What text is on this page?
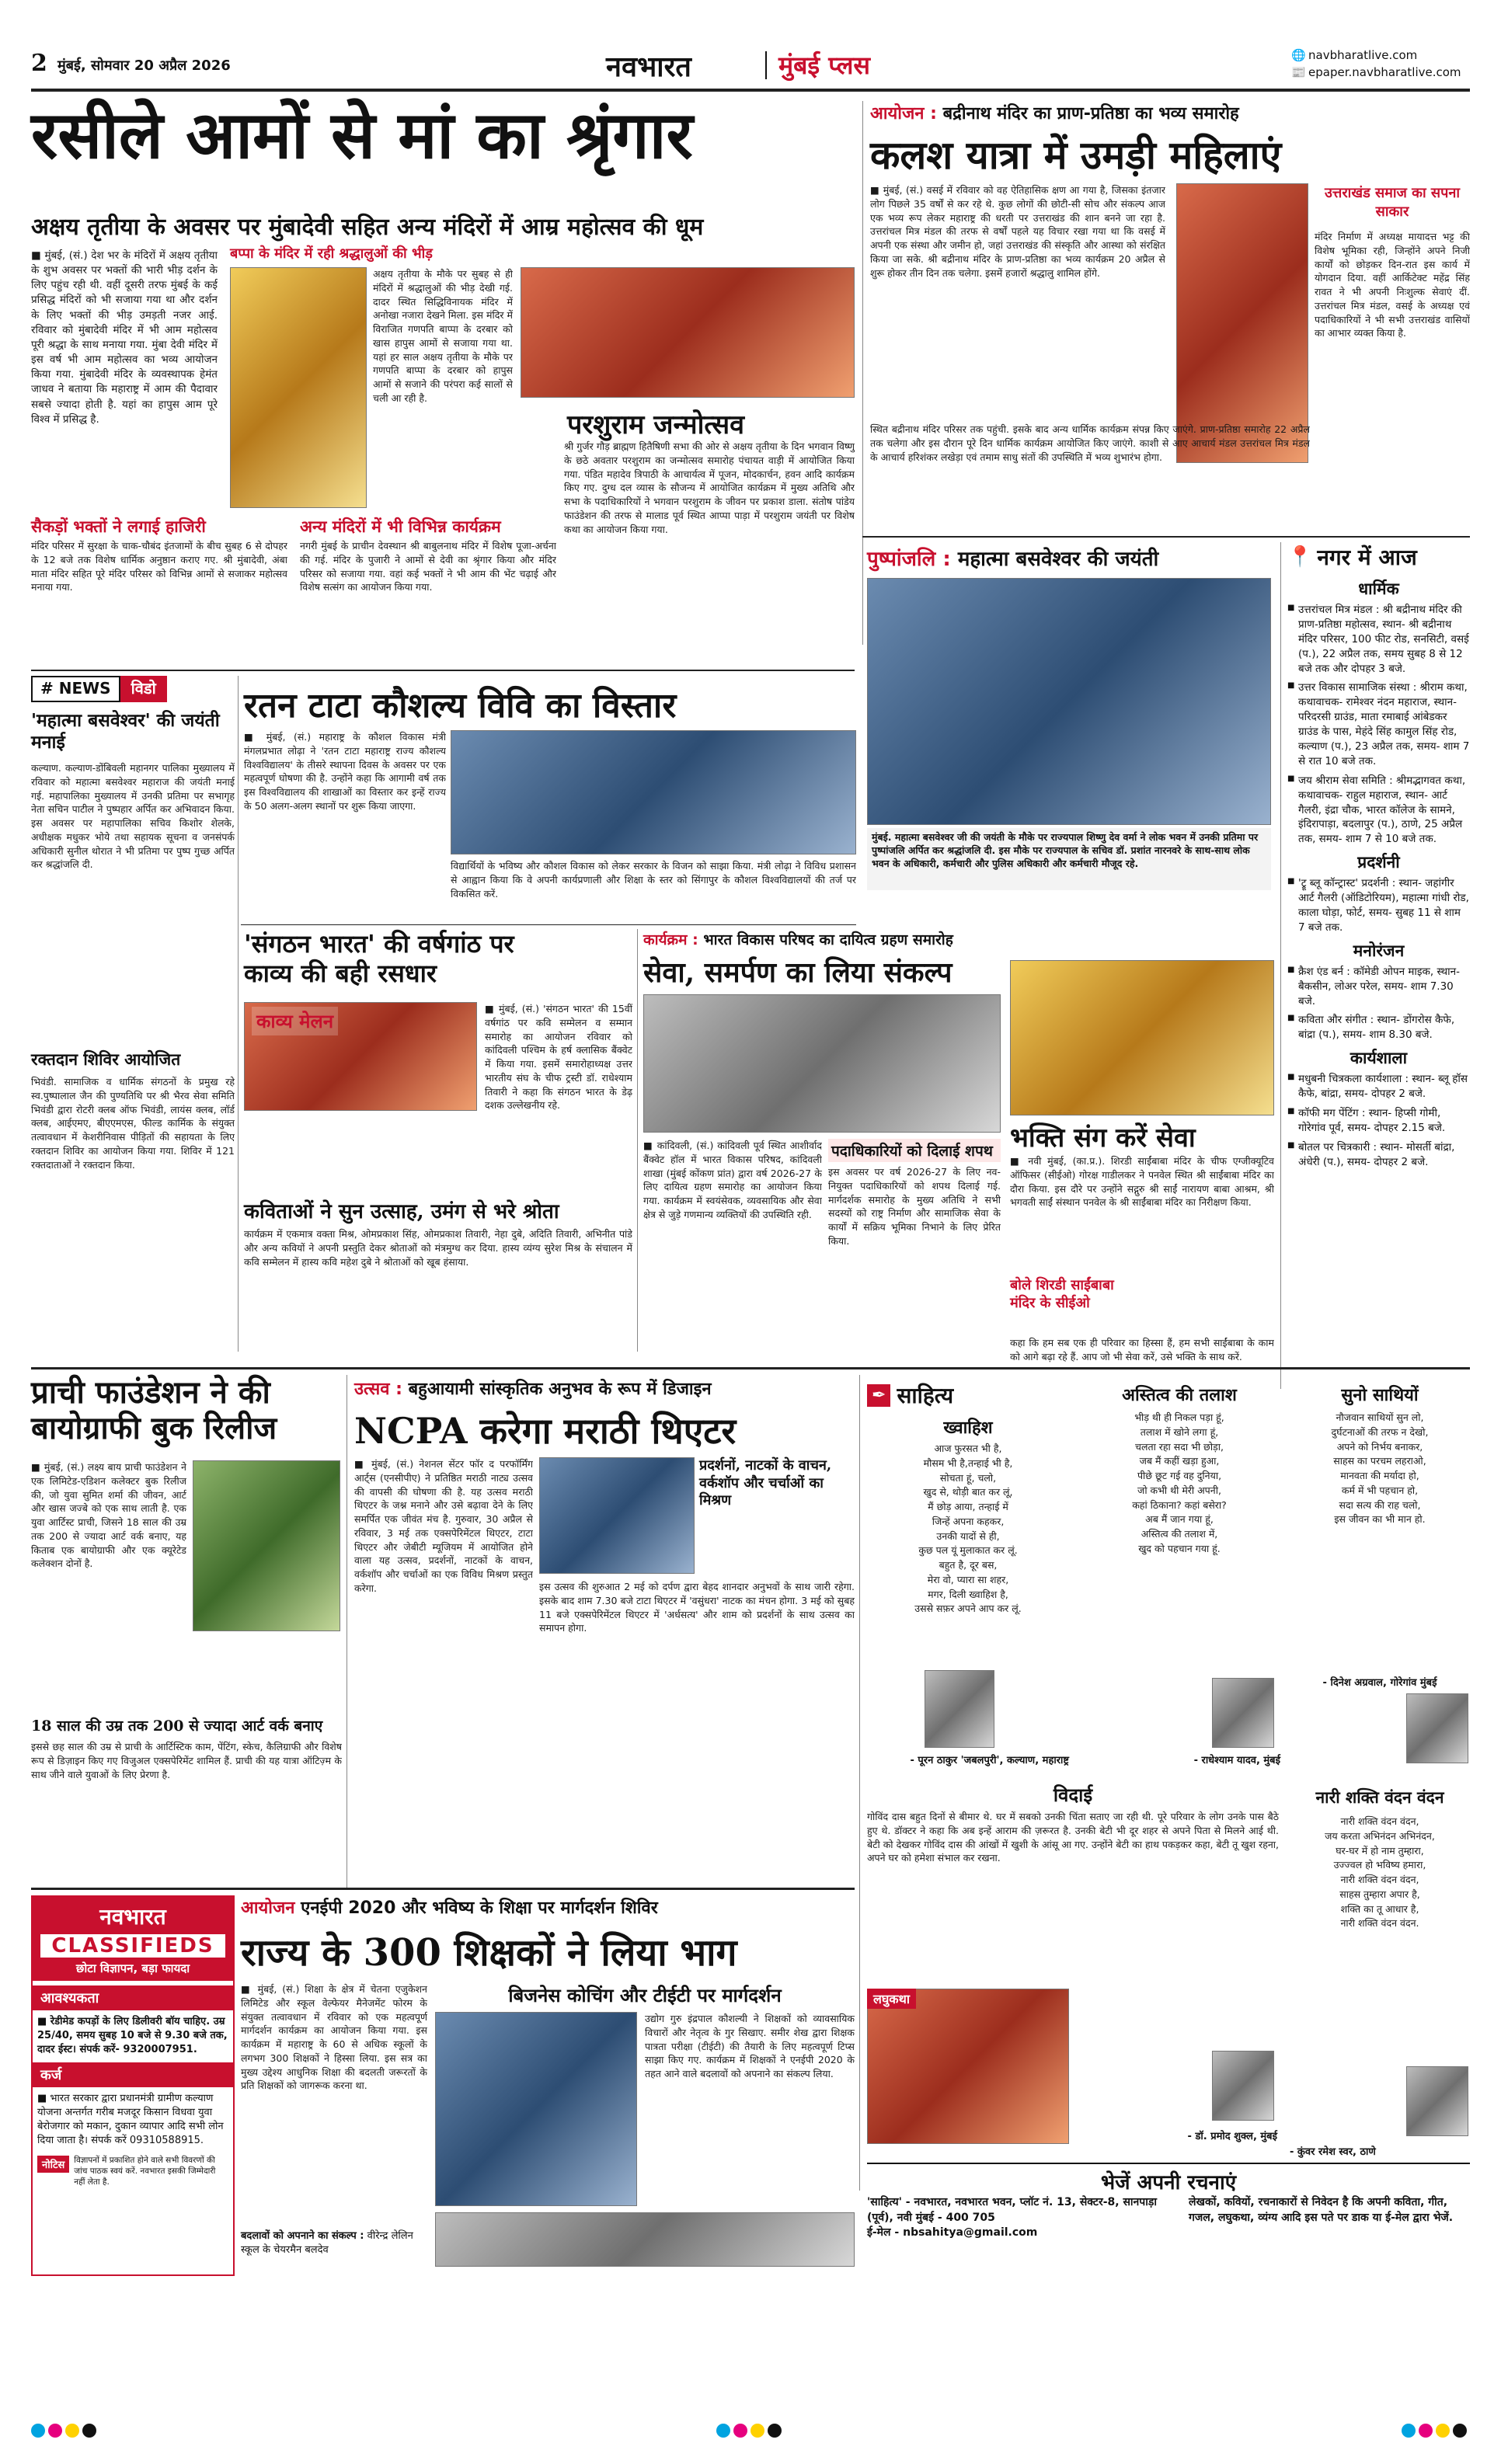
2 मुंबई, सोमवार 20 अप्रैल 2026	नवभारत	मुंबई प्लस	🌐 navbharatlive.com
📰 epaper.navbharatlive.com
रसीले आमों से मां का श्रृंगार
अक्षय तृतीया के अवसर पर मुंबादेवी सहित अन्य मंदिरों में आम्र महोत्सव की धूम
■ मुंबई, (सं.) देश भर के मंदिरों में अक्षय तृतीया के शुभ अवसर पर भक्तों की भारी भीड़ दर्शन के लिए पहुंच रही थी. वहीं दूसरी तरफ मुंबई के कई प्रसिद्ध मंदिरों को भी सजाया गया था और दर्शन के लिए भक्तों की भीड़ उमड़ती नजर आई. रविवार को मुंबादेवी मंदिर में भी आम महोत्सव पूरी श्रद्धा के साथ मनाया गया. मुंबा देवी मंदिर में इस वर्ष भी आम महोत्सव का भव्य आयोजन किया गया. मुंबादेवी मंदिर के व्यवस्थापक हेमंत जाधव ने बताया कि महाराष्ट्र में आम की पैदावार सबसे ज्यादा होती है. यहां का हापुस आम पूरे विश्व में प्रसिद्ध है.
बप्पा के मंदिर में रही श्रद्धालुओं की भीड़
अक्षय तृतीया के मौके पर सुबह से ही मंदिरों में श्रद्धालुओं की भीड़ देखी गई. दादर स्थित सिद्धिविनायक मंदिर में अनोखा नजारा देखने मिला. इस मंदिर में विराजित गणपति बाप्पा के दरबार को खास हापुस आमों से सजाया गया था. यहां हर साल अक्षय तृतीया के मौके पर गणपति बाप्पा के दरबार को हापुस आमों से सजाने की परंपरा कई सालों से चली आ रही है.
सैकड़ों भक्तों ने लगाई हाजिरी
मंदिर परिसर में सुरक्षा के चाक-चौबंद इंतजामों के बीच सुबह 6 से दोपहर के 12 बजे तक विशेष धार्मिक अनुष्ठान कराए गए. श्री मुंबादेवी, अंबा माता मंदिर सहित पूरे मंदिर परिसर को विभिन्न आमों से सजाकर महोत्सव मनाया गया.
अन्य मंदिरों में भी विभिन्न कार्यक्रम
नगरी मुंबई के प्राचीन देवस्थान श्री बाबुलनाथ मंदिर में विशेष पूजा-अर्चना की गई. मंदिर के पुजारी ने आमों से देवी का श्रृंगार किया और मंदिर परिसर को सजाया गया. वहां कई भक्तों ने भी आम की भेंट चढ़ाई और विशेष सत्संग का आयोजन किया गया.
परशुराम जन्मोत्सव
श्री गुर्जर गौड़ ब्राह्मण हितैषिणी सभा की ओर से अक्षय तृतीया के दिन भगवान विष्णु के छठे अवतार परशुराम का जन्मोत्सव समारोह पंचायत वाड़ी में आयोजित किया गया. पंडित महादेव त्रिपाठी के आचार्यत्व में पूजन, मोदकार्चन, हवन आदि कार्यक्रम किए गए. दुग्ध दल व्यास के सौजन्य में आयोजित कार्यक्रम में मुख्य अतिथि और सभा के पदाधिकारियों ने भगवान परशुराम के जीवन पर प्रकाश डाला. संतोष पांडेय फाउंडेशन की तरफ से मालाड पूर्व स्थित आप्पा पाड़ा में परशुराम जयंती पर विशेष कथा का आयोजन किया गया.
आयोजन : बद्रीनाथ मंदिर का प्राण-प्रतिष्ठा का भव्य समारोह
कलश यात्रा में उमड़ी महिलाएं
■ मुंबई, (सं.) वसई में रविवार को वह ऐतिहासिक क्षण आ गया है, जिसका इंतजार लोग पिछले 35 वर्षों से कर रहे थे. कुछ लोगों की छोटी-सी सोच और संकल्प आज एक भव्य रूप लेकर महाराष्ट्र की धरती पर उत्तराखंड की शान बनने जा रहा है. उत्तरांचल मित्र मंडल की तरफ से वर्षों पहले यह विचार रखा गया था कि वसई में अपनी एक संस्था और जमीन हो, जहां उत्तराखंड की संस्कृति और आस्था को संरक्षित किया जा सके. श्री बद्रीनाथ मंदिर के प्राण-प्रतिष्ठा का भव्य कार्यक्रम 20 अप्रैल से शुरू होकर तीन दिन तक चलेगा. इसमें हजारों श्रद्धालु शामिल होंगे.
उत्तराखंड समाज का सपना साकार
मंदिर निर्माण में अध्यक्ष मायादत्त भट्ट की विशेष भूमिका रही, जिन्होंने अपने निजी कार्यों को छोड़कर दिन-रात इस कार्य में योगदान दिया. वहीं आर्किटेक्ट महेंद्र सिंह रावत ने भी अपनी निःशुल्क सेवाएं दीं. उत्तरांचल मित्र मंडल, वसई के अध्यक्ष एवं पदाधिकारियों ने भी सभी उत्तराखंड वासियों का आभार व्यक्त किया है.
स्थित बद्रीनाथ मंदिर परिसर तक पहुंची. इसके बाद अन्य धार्मिक कार्यक्रम संपन्न किए जाएंगे. प्राण-प्रतिष्ठा समारोह 22 अप्रैल तक चलेगा और इस दौरान पूरे दिन धार्मिक कार्यक्रम आयोजित किए जाएंगे. काशी से आए आचार्य मंडल उत्तरांचल मित्र मंडल के आचार्य हरिशंकर लखेड़ा एवं तमाम साधु संतों की उपस्थिति में भव्य शुभारंभ होगा.
पुष्पांजलि : महात्मा बसवेश्वर की जयंती
मुंबई. महात्मा बसवेश्वर जी की जयंती के मौके पर राज्यपाल शिष्णु देव वर्मा ने लोक भवन में उनकी प्रतिमा पर पुष्पांजलि अर्पित कर श्रद्धांजलि दी. इस मौके पर राज्यपाल के सचिव डॉ. प्रशांत नारनवरे के साथ-साथ लोक भवन के अधिकारी, कर्मचारी और पुलिस अधिकारी और कर्मचारी मौजूद रहे.
📍 नगर में आज
धार्मिक
■ उत्तरांचल मित्र मंडल : श्री बद्रीनाथ मंदिर की प्राण-प्रतिष्ठा महोत्सव, स्थान- श्री बद्रीनाथ मंदिर परिसर, 100 फीट रोड, सनसिटी, वसई (प.), 22 अप्रैल तक, समय सुबह 8 से 12 बजे तक और दोपहर 3 बजे.
■ उत्तर विकास सामाजिक संस्था : श्रीराम कथा, कथावाचक- रामेश्वर नंदन महाराज, स्थान- परिदरसी ग्राउंड, माता रमाबाई आंबेडकर ग्राउंड के पास, मेहंदे सिंह कामुल सिंह रोड, कल्याण (प.), 23 अप्रैल तक, समय- शाम 7 से रात 10 बजे तक.
■ जय श्रीराम सेवा समिति : श्रीमद्भागवत कथा, कथावाचक- राहुल महाराज, स्थान- आर्ट गैलरी, इंद्रा चौक, भारत कॉलेज के सामने, इंदिरापाड़ा, बदलापुर (प.), ठाणे, 25 अप्रैल तक, समय- शाम 7 से 10 बजे तक.
प्रदर्शनी
■ 'ट्रू ब्लू कॉन्ट्रास्ट' प्रदर्शनी : स्थान- जहांगीर आर्ट गैलरी (ऑडिटोरियम), महात्मा गांधी रोड, काला घोड़ा, फोर्ट, समय- सुबह 11 से शाम 7 बजे तक.
मनोरंजन
■ क्रैश एंड बर्न : कॉमेडी ओपन माइक, स्थान- बैकसीन, लोअर परेल, समय- शाम 7.30 बजे.
■ कविता और संगीत : स्थान- डोंगरोस कैफे, बांद्रा (प.), समय- शाम 8.30 बजे.
कार्यशाला
■ मधुबनी चित्रकला कार्यशाला : स्थान- ब्लू हॉस कैफे, बांद्रा, समय- दोपहर 2 बजे.
■ कॉफी मग पेंटिंग : स्थान- हिप्सी गोमी, गोरेगांव पूर्व, समय- दोपहर 2.15 बजे.
■ बोतल पर चित्रकारी : स्थान- मोसर्ती बांद्रा, अंधेरी (प.), समय- दोपहर 2 बजे.
# NEWS	विडो
'महात्मा बसवेश्वर' की जयंती मनाई
कल्याण. कल्याण-डोंबिवली महानगर पालिका मुख्यालय में रविवार को महात्मा बसवेश्वर महाराज की जयंती मनाई गई. महापालिका मुख्यालय में उनकी प्रतिमा पर सभागृह नेता सचिन पाटील ने पुष्पहार अर्पित कर अभिवादन किया. इस अवसर पर महापालिका सचिव किशोर शेलके, अधीक्षक मधुकर भोये तथा सहायक सूचना व जनसंपर्क अधिकारी सुनील थोरात ने भी प्रतिमा पर पुष्प गुच्छ अर्पित कर श्रद्धांजलि दी.
रक्तदान शिविर आयोजित
भिवंडी. सामाजिक व धार्मिक संगठनों के प्रमुख रहे स्व.पुष्पालाल जैन की पुण्यतिथि पर श्री भैरव सेवा समिति भिवंडी द्वारा रोटरी क्लब ऑफ भिवंडी, लायंस क्लब, लॉर्ड क्लब, आईएमए, बीएएमएस, फील्ड कार्मिक के संयुक्त तत्वावधान में केशरीनिवास पीड़ितों की सहायता के लिए रक्तदान शिविर का आयोजन किया गया. शिविर में 121 रक्तदाताओं ने रक्तदान किया.
रतन टाटा कौशल्य विवि का विस्तार
■ मुंबई, (सं.) महाराष्ट्र के कौशल विकास मंत्री मंगलप्रभात लोढ़ा ने 'रतन टाटा महाराष्ट्र राज्य कौशल्य विश्वविद्यालय' के तीसरे स्थापना दिवस के अवसर पर एक महत्वपूर्ण घोषणा की है. उन्होंने कहा कि आगामी वर्ष तक इस विश्वविद्यालय की शाखाओं का विस्तार कर इन्हें राज्य के 50 अलग-अलग स्थानों पर शुरू किया जाएगा.
विद्यार्थियों के भविष्य और कौशल विकास को लेकर सरकार के विजन को साझा किया. मंत्री लोढ़ा ने विविध प्रशासन से आह्वान किया कि वे अपनी कार्यप्रणाली और शिक्षा के स्तर को सिंगापुर के कौशल विश्वविद्यालयों की तर्ज पर विकसित करें.
'संगठन भारत' की वर्षगांठ पर काव्य की बही रसधार
काव्य मेलन
■ मुंबई, (सं.) 'संगठन भारत' की 15वीं वर्षगांठ पर कवि सम्मेलन व सम्मान समारोह का आयोजन रविवार को कांदिवली पश्चिम के हर्ष क्लासिक बैंक्वेट में किया गया. इसमें समारोहाध्यक्ष उत्तर भारतीय संघ के चीफ ट्रस्टी डॉ. राधेश्याम तिवारी ने कहा कि संगठन भारत के डेढ़ दशक उल्लेखनीय रहे.
कविताओं ने सुन उत्साह, उमंग से भरे श्रोता
कार्यक्रम में एकमात्र वक्ता मिश्र, ओमप्रकाश सिंह, ओमप्रकाश तिवारी, नेहा दुबे, अदिति तिवारी, अभिनीत पांडे और अन्य कवियों ने अपनी प्रस्तुति देकर श्रोताओं को मंत्रमुग्ध कर दिया. हास्य व्यंग्य सुरेश मिश्र के संचालन में कवि सम्मेलन में हास्य कवि महेश दुबे ने श्रोताओं को खूब हंसाया.
कार्यक्रम : भारत विकास परिषद का दायित्व ग्रहण समारोह
सेवा, समर्पण का लिया संकल्प
■ कांदिवली, (सं.) कांदिवली पूर्व स्थित आशीर्वाद बैंक्वेट हॉल में भारत विकास परिषद, कांदिवली शाखा (मुंबई कोंकण प्रांत) द्वारा वर्ष 2026-27 के लिए दायित्व ग्रहण समारोह का आयोजन किया गया. कार्यक्रम में स्वयंसेवक, व्यवसायिक और सेवा क्षेत्र से जुड़े गणमान्य व्यक्तियों की उपस्थिति रही.
पदाधिकारियों को दिलाई शपथ
इस अवसर पर वर्ष 2026-27 के लिए नव-नियुक्त पदाधिकारियों को शपथ दिलाई गई. मार्गदर्शक समारोह के मुख्य अतिथि ने सभी सदस्यों को राष्ट्र निर्माण और सामाजिक सेवा के कार्यों में सक्रिय भूमिका निभाने के लिए प्रेरित किया.
भक्ति संग करें सेवा
■ नवी मुंबई, (का.प्र.). शिरडी साईंबाबा मंदिर के चीफ एग्जीक्यूटिव ऑफिसर (सीईओ) गोरक्ष गाडीलकर ने पनवेल स्थित श्री साईंबाबा मंदिर का दौरा किया. इस दौरे पर उन्होंने सद्गुरु श्री साईं नारायण बाबा आश्रम, श्री भगवती साईं संस्थान पनवेल के श्री साईंबाबा मंदिर का निरीक्षण किया.
बोले शिरडी साईंबाबा मंदिर के सीईओ
कहा कि हम सब एक ही परिवार का हिस्सा हैं, हम सभी साईंबाबा के काम को आगे बढ़ा रहे हैं. आप जो भी सेवा करें, उसे भक्ति के साथ करें.
प्राची फाउंडेशन ने की बायोग्राफी बुक रिलीज
■ मुंबई, (सं.) लक्ष्य बाय प्राची फाउंडेशन ने एक लिमिटेड-एडिशन कलेक्टर बुक रिलीज की, जो युवा सुमित शर्मा की जीवन, आर्ट और खास जज्बे को एक साथ लाती है. एक युवा आर्टिस्ट प्राची, जिसने 18 साल की उम्र तक 200 से ज्यादा आर्ट वर्क बनाए, यह किताब एक बायोग्राफी और एक क्यूरेटेड कलेक्शन दोनों है.
18 साल की उम्र तक 200 से ज्यादा आर्ट वर्क बनाए
इससे छह साल की उम्र से प्राची के आर्टिस्टिक काम, पेंटिंग, स्केच, कैलिग्राफी और विशेष रूप से डिज़ाइन किए गए विजुअल एक्सपेरिमेंट शामिल हैं. प्राची की यह यात्रा ऑटिज़्म के साथ जीने वाले युवाओं के लिए प्रेरणा है.
उत्सव : बहुआयामी सांस्कृतिक अनुभव के रूप में डिजाइन
NCPA करेगा मराठी थिएटर
■ मुंबई, (सं.) नेशनल सेंटर फॉर द परफॉर्मिंग आर्ट्स (एनसीपीए) ने प्रतिष्ठित मराठी नाट्य उत्सव की वापसी की घोषणा की है. यह उत्सव मराठी थिएटर के जश्न मनाने और उसे बढ़ावा देने के लिए समर्पित एक जीवंत मंच है. गुरुवार, 30 अप्रैल से रविवार, 3 मई तक एक्सपेरिमेंटल थिएटर, टाटा थिएटर और जेबीटी म्यूजियम में आयोजित होने वाला यह उत्सव, प्रदर्शनों, नाटकों के वाचन, वर्कशॉप और चर्चाओं का एक विविध मिश्रण प्रस्तुत करेगा.
प्रदर्शनों, नाटकों के वाचन, वर्कशॉप और चर्चाओं का मिश्रण
इस उत्सव की शुरुआत 2 मई को दर्पण द्वारा बेहद शानदार अनुभवों के साथ जारी रहेगा. इसके बाद शाम 7.30 बजे टाटा थिएटर में 'वसुंधरा' नाटक का मंचन होगा. 3 मई को सुबह 11 बजे एक्सपेरिमेंटल थिएटर में 'अर्धसत्य' और शाम को प्रदर्शनों के साथ उत्सव का समापन होगा.
✒ साहित्य
ख्वाहिश
आज फुरसत भी है,
मौसम भी है,तन्हाई भी है,
सोचता हूं, चलो,
खुद से, थोड़ी बात कर लूं,
मैं छोड़ आया, तन्हाई में
जिन्हें अपना कहकर,
उनकी यादों से ही,
कुछ पल यूं मुलाकात कर लूं.
बहुत है, दूर बस,
मेरा वो, प्यारा सा शहर,
मगर, दिली ख्वाहिश है,
उससे सफ़र अपने आप कर लूं.
- पूरन ठाकुर 'जबलपुरी', कल्याण, महाराष्ट्र
अस्तित्व की तलाश
भीड़ थी ही निकल पड़ा हूं,
तलाश में खोने लगा हूं,
चलता रहा सदा भी छोड़ा,
जब मैं कहीं खड़ा हुआ,
पीछे छूट गई वह दुनिया,
जो कभी थी मेरी अपनी,
कहां ठिकाना? कहां बसेरा?
अब मैं जान गया हूं,
अस्तित्व की तलाश में,
खुद को पहचान गया हूं.
- राधेश्याम यादव, मुंबई
सुनो साथियों
नौजवान साथियों सुन लो,
दुर्घटनाओं की तरफ न देखो,
अपने को निर्भय बनाकर,
साहस का परचम लहराओ,
मानवता की मर्यादा हो,
कर्म में भी पहचान हो,
सदा सत्य की राह चलो,
इस जीवन का भी मान हो.
- दिनेश अग्रवाल, गोरेगांव मुंबई
नारी शक्ति वंदन वंदन
नारी शक्ति वंदन वंदन,
जय करता अभिनंदन अभिनंदन,
घर-घर में हो नाम तुम्हारा,
उज्ज्वल हो भविष्य हमारा,
नारी शक्ति वंदन वंदन,
साहस तुम्हारा अपार है,
शक्ति का तू आधार है,
नारी शक्ति वंदन वंदन.
- कुंवर रमेश स्वर, ठाणे
विदाई
गोविंद दास बहुत दिनों से बीमार थे. घर में सबको उनकी चिंता सताए जा रही थी. पूरे परिवार के लोग उनके पास बैठे हुए थे. डॉक्टर ने कहा कि अब इन्हें आराम की ज़रूरत है. उनकी बेटी भी दूर शहर से अपने पिता से मिलने आई थी. बेटी को देखकर गोविंद दास की आंखों में खुशी के आंसू आ गए. उन्होंने बेटी का हाथ पकड़कर कहा, बेटी तू खुश रहना, अपने घर को हमेशा संभाल कर रखना.
लघुकथा
- डॉ. प्रमोद शुक्ल, मुंबई
भेजें अपनी रचनाएं
'साहित्य' - नवभारत, नवभारत भवन, प्लॉट नं. 13, सेक्टर-8, सानपाड़ा (पूर्व), नवी मुंबई - 400 705
ई-मेल - nbsahitya@gmail.com
लेखकों, कवियों, रचनाकारों से निवेदन है कि अपनी कविता, गीत, गजल, लघुकथा, व्यंग्य आदि इस पते पर डाक या ई-मेल द्वारा भेजें.
नवभारत
CLASSIFIEDS
छोटा विज्ञापन, बड़ा फायदा
आवश्यकता
■ रेडीमेड कपड़ों के लिए डिलीवरी बॉय चाहिए. उम्र 25/40, समय सुबह 10 बजे से 9.30 बजे तक, दादर ईस्ट। संपर्क करें- 9320007951.
कर्ज
■ भारत सरकार द्वारा प्रधानमंत्री ग्रामीण कल्याण योजना अन्तर्गत गरीब मजदूर किसान विधवा युवा बेरोजगार को मकान, दुकान व्यापार आदि सभी लोन दिया जाता है। संपर्क करें 09310588915.
नोटिस	विज्ञापनों में प्रकाशित होने वाले सभी विवरणों की जांच पाठक स्वयं करें. नवभारत इसकी जिम्मेदारी नहीं लेता है.
आयोजन एनईपी 2020 और भविष्य के शिक्षा पर मार्गदर्शन शिविर
राज्य के 300 शिक्षकों ने लिया भाग
■ मुंबई, (सं.) शिक्षा के क्षेत्र में चेतना एजुकेशन लिमिटेड और स्कूल वेल्फेयर मैनेजमेंट फोरम के संयुक्त तत्वावधान में रविवार को एक महत्वपूर्ण मार्गदर्शन कार्यक्रम का आयोजन किया गया. इस कार्यक्रम में महाराष्ट्र के 60 से अधिक स्कूलों के लगभग 300 शिक्षकों ने हिस्सा लिया. इस सत्र का मुख्य उद्देश्य आधुनिक शिक्षा की बदलती जरूरतों के प्रति शिक्षकों को जागरूक करना था.
बदलावों को अपनाने का संकल्प : वीरेन्द्र लेलिन स्कूल के चेयरमैन बलदेव
बिजनेस कोचिंग और टीईटी पर मार्गदर्शन
उद्योग गुरु इंद्रपाल कौशल्यी ने शिक्षकों को व्यावसायिक विचारों और नेतृत्व के गुर सिखाए. समीर शेख द्वारा शिक्षक पात्रता परीक्षा (टीईटी) की तैयारी के लिए महत्वपूर्ण टिप्स साझा किए गए. कार्यक्रम में शिक्षकों ने एनईपी 2020 के तहत आने वाले बदलावों को अपनाने का संकल्प लिया.
